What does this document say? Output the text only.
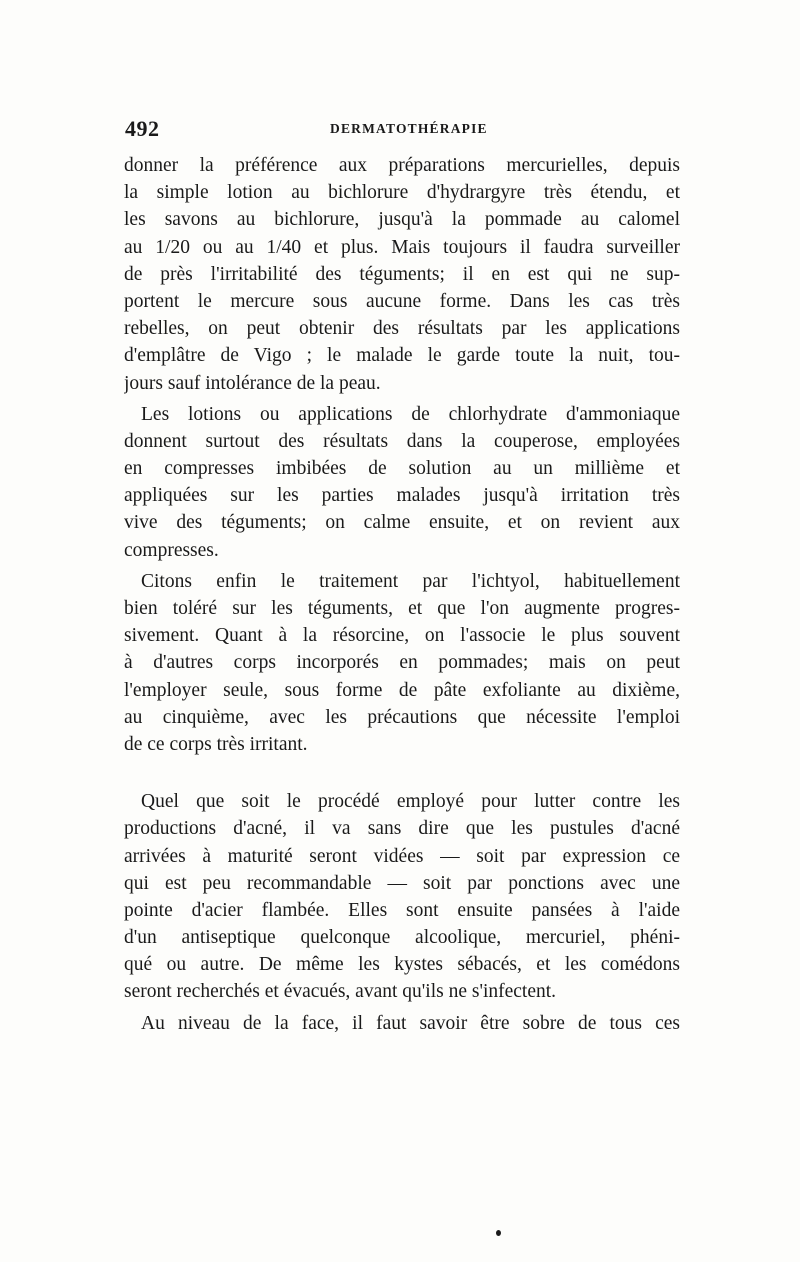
492	DERMATOTHÉRAPIE
donner la préférence aux préparations mercurielles, depuis
la simple lotion au bichlorure d'hydrargyre très étendu, et
les savons au bichlorure, jusqu'à la pommade au calomel
au 1/20 ou au 1/40 et plus. Mais toujours il faudra surveiller
de près l'irritabilité des téguments; il en est qui ne sup-
portent le mercure sous aucune forme. Dans les cas très
rebelles, on peut obtenir des résultats par les applications
d'emplâtre de Vigo ; le malade le garde toute la nuit, tou-
jours sauf intolérance de la peau.
Les lotions ou applications de chlorhydrate d'ammoniaque
donnent surtout des résultats dans la couperose, employées
en compresses imbibées de solution au un millième et
appliquées sur les parties malades jusqu'à irritation très
vive des téguments; on calme ensuite, et on revient aux
compresses.
Citons enfin le traitement par l'ichtyol, habituellement
bien toléré sur les téguments, et que l'on augmente progres-
sivement. Quant à la résorcine, on l'associe le plus souvent
à d'autres corps incorporés en pommades; mais on peut
l'employer seule, sous forme de pâte exfoliante au dixième,
au cinquième, avec les précautions que nécessite l'emploi
de ce corps très irritant.
Quel que soit le procédé employé pour lutter contre les
productions d'acné, il va sans dire que les pustules d'acné
arrivées à maturité seront vidées — soit par expression ce
qui est peu recommandable — soit par ponctions avec une
pointe d'acier flambée. Elles sont ensuite pansées à l'aide
d'un antiseptique quelconque alcoolique, mercuriel, phéni-
qué ou autre. De même les kystes sébacés, et les comédons
seront recherchés et évacués, avant qu'ils ne s'infectent.
Au niveau de la face, il faut savoir être sobre de tous ces
